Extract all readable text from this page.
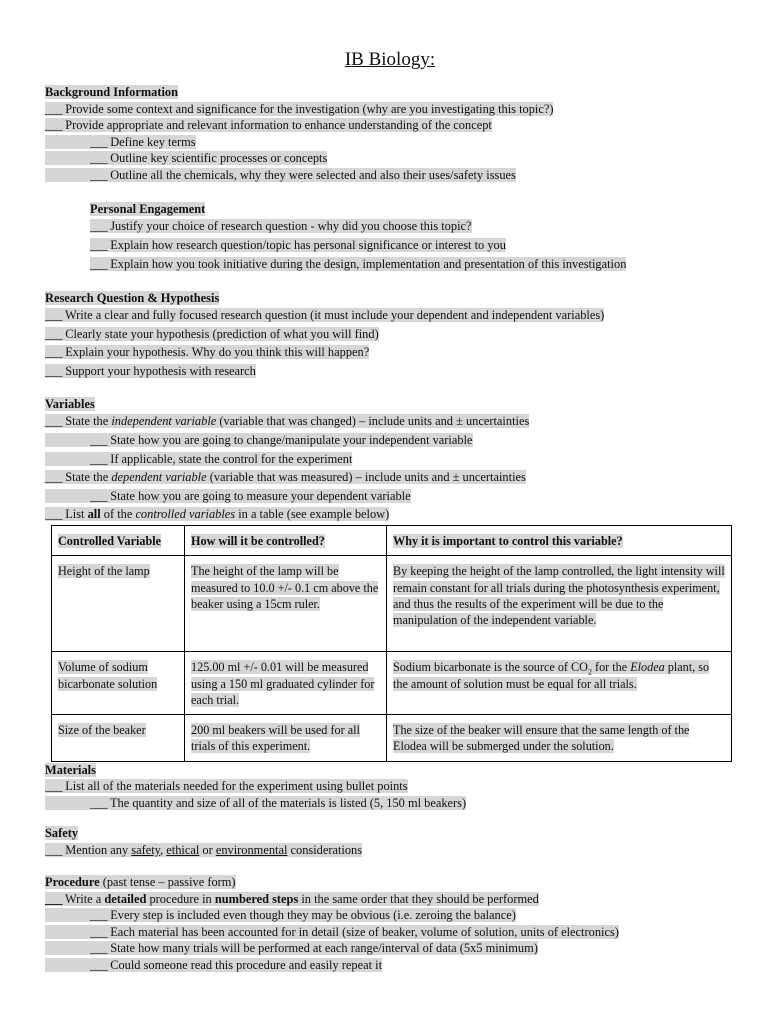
IB Biology:
Background Information
___ Provide some context and significance for the investigation (why are you investigating this topic?)
___ Provide appropriate and relevant information to enhance understanding of the concept
___ Define key terms
___ Outline key scientific processes or concepts
___ Outline all the chemicals, why they were selected and also their uses/safety issues
Personal Engagement
___ Justify your choice of research question - why did you choose this topic?
___ Explain how research question/topic has personal significance or interest to you
___ Explain how you took initiative during the design, implementation and presentation of this investigation
Research Question & Hypothesis
___ Write a clear and fully focused research question (it must include your dependent and independent variables)
___ Clearly state your hypothesis (prediction of what you will find)
___ Explain your hypothesis. Why do you think this will happen?
___ Support your hypothesis with research
Variables
___ State the independent variable (variable that was changed) – include units and ± uncertainties
___ State how you are going to change/manipulate your independent variable
___ If applicable, state the control for the experiment
___ State the dependent variable (variable that was measured) – include units and ± uncertainties
___ State how you are going to measure your dependent variable
___ List all of the controlled variables in a table (see example below)
Controlled Variable	How will it be controlled?	Why it is important to control this variable?
Height of the lamp	The height of the lamp will be measured to 10.0 +/- 0.1 cm above the beaker using a 15cm ruler.	By keeping the height of the lamp controlled, the light intensity will remain constant for all trials during the photosynthesis experiment, and thus the results of the experiment will be due to the manipulation of the independent variable.
Volume of sodium bicarbonate solution	125.00 ml +/- 0.01 will be measured using a 150 ml graduated cylinder for each trial.	Sodium bicarbonate is the source of $CO_2$ for the Elodea plant, so the amount of solution must be equal for all trials.
Size of the beaker	200 ml beakers will be used for all trials of this experiment.	The size of the beaker will ensure that the same length of the Elodea will be submerged under the solution.
Materials
___ List all of the materials needed for the experiment using bullet points
___ The quantity and size of all of the materials is listed (5, 150 ml beakers)
Safety
___ Mention any safety, ethical or environmental considerations
Procedure (past tense – passive form)
___ Write a detailed procedure in numbered steps in the same order that they should be performed
___ Every step is included even though they may be obvious (i.e. zeroing the balance)
___ Each material has been accounted for in detail (size of beaker, volume of solution, units of electronics)
___ State how many trials will be performed at each range/interval of data (5x5 minimum)
___ Could someone read this procedure and easily repeat it
